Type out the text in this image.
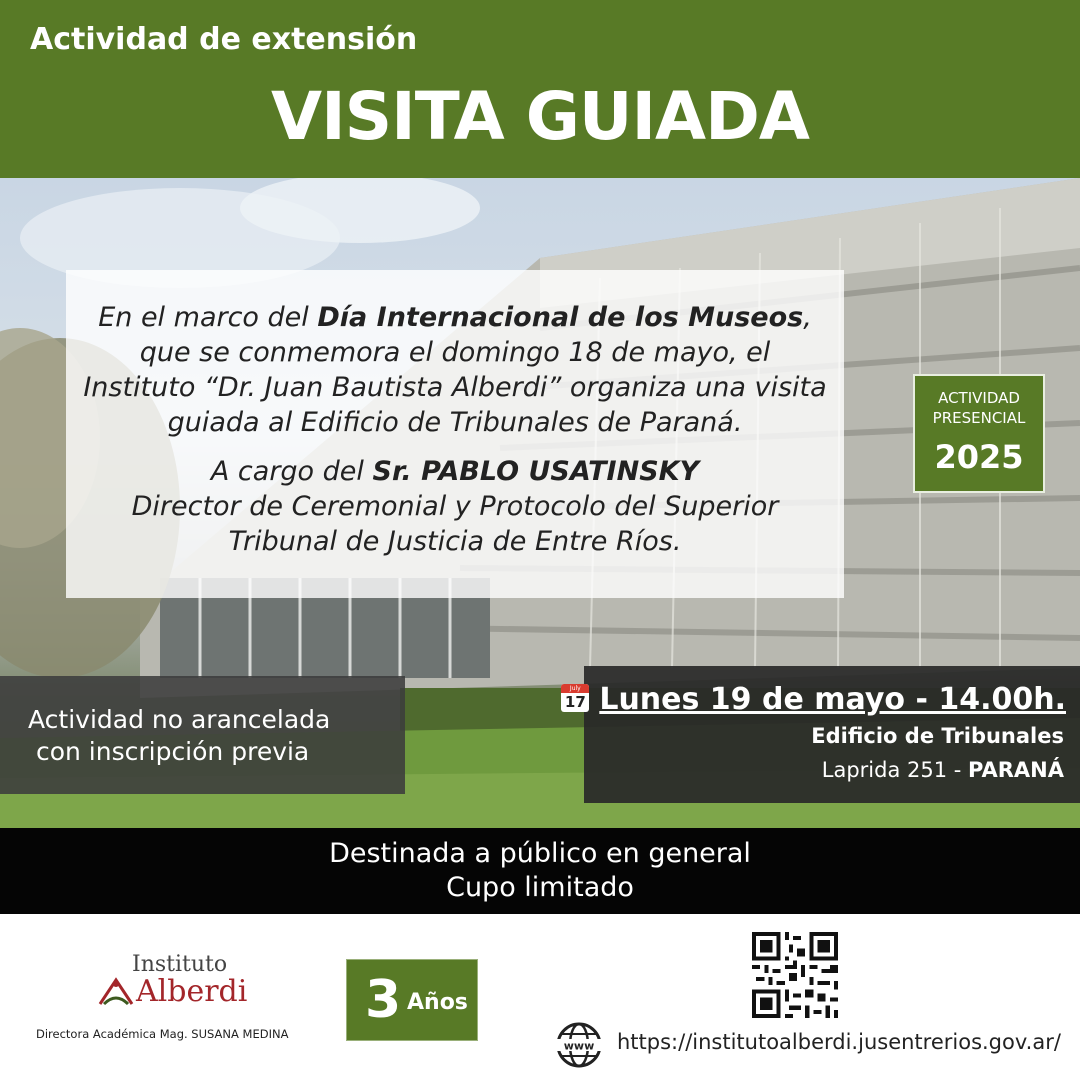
Actividad de extensión
VISITA GUIADA

En el marco del Día Internacional de los Museos, que se conmemora el domingo 18 de mayo, el Instituto “Dr. Juan Bautista Alberdi” organiza una visita guiada al Edificio de Tribunales de Paraná.

A cargo del Sr. PABLO USATINSKY
Director de Ceremonial y Protocolo del Superior Tribunal de Justicia de Entre Ríos.

ACTIVIDAD
PRESENCIAL
2025
Actividad no arancelada
con inscripción previa
July
17 Lunes 19 de mayo - 14.00h.
Edificio de Tribunales
Laprida 251 - PARANÁ
Destinada a público en general
Cupo limitado
Instituto
Alberdi
Directora Académica Mag. SUSANA MEDINA
3 Años
www https://institutoalberdi.jusentrerios.gov.ar/
